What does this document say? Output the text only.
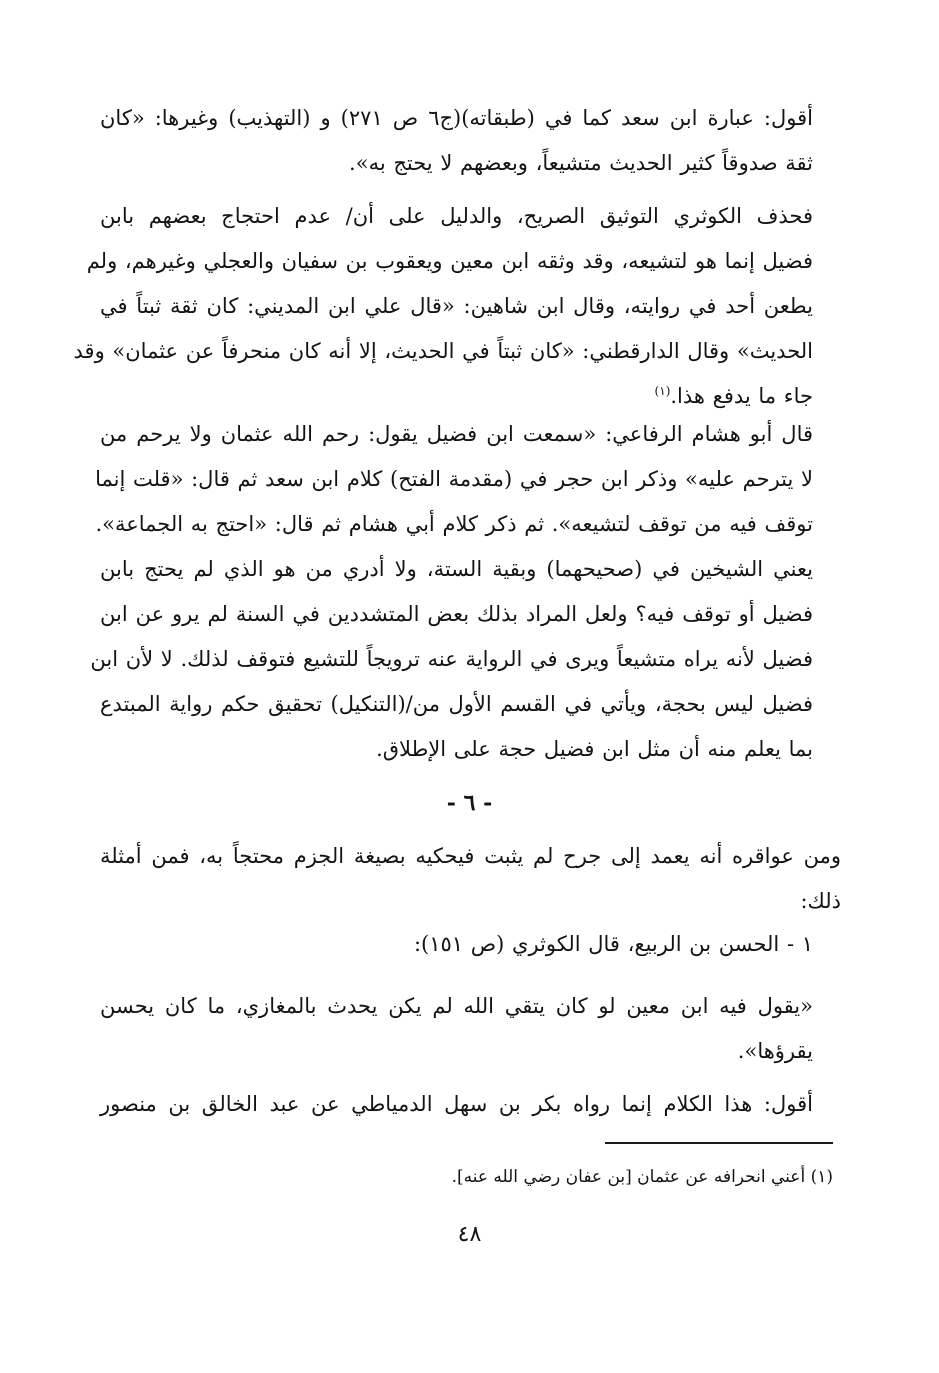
أقول: عبارة ابن سعد كما في (طبقاته)(ج٦ ص ٢٧١) و (التهذيب) وغيرها: «كان
ثقة صدوقاً كثير الحديث متشيعاً، وبعضهم لا يحتج به».
فحذف الكوثري التوثيق الصريح، والدليل على أن/ عدم احتجاج بعضهم بابن
فضيل إنما هو لتشيعه، وقد وثقه ابن معين ويعقوب بن سفيان والعجلي وغيرهم، ولم
يطعن أحد في روايته، وقال ابن شاهين: «قال علي ابن المديني: كان ثقة ثبتاً في
الحديث» وقال الدارقطني: «كان ثبتاً في الحديث، إلا أنه كان منحرفاً عن عثمان» وقد
جاء ما يدفع هذا.$^{(١)}$
قال أبو هشام الرفاعي: «سمعت ابن فضيل يقول: رحم الله عثمان ولا يرحم من
لا يترحم عليه» وذكر ابن حجر في (مقدمة الفتح) كلام ابن سعد ثم قال: «قلت إنما
توقف فيه من توقف لتشيعه». ثم ذكر كلام أبي هشام ثم قال: «احتج به الجماعة».
يعني الشيخين في (صحيحهما) وبقية الستة، ولا أدري من هو الذي لم يحتج بابن
فضيل أو توقف فيه؟ ولعل المراد بذلك بعض المتشددين في السنة لم يرو عن ابن
فضيل لأنه يراه متشيعاً ويرى في الرواية عنه ترويجاً للتشيع فتوقف لذلك. لا لأن ابن
فضيل ليس بحجة، ويأتي في القسم الأول من/(التنكيل) تحقيق حكم رواية المبتدع
بما يعلم منه أن مثل ابن فضيل حجة على الإطلاق.
- ٦ -
ومن عواقره أنه يعمد إلى جرح لم يثبت فيحكيه بصيغة الجزم محتجاً به، فمن أمثلة
ذلك:
١ - الحسن بن الربيع، قال الكوثري (ص ١٥١):
«يقول فيه ابن معين لو كان يتقي الله لم يكن يحدث بالمغازي، ما كان يحسن
يقرؤها».
أقول: هذا الكلام إنما رواه بكر بن سهل الدمياطي عن عبد الخالق بن منصور

(١) أعني انحرافه عن عثمان [بن عفان رضي الله عنه].

٤٨
